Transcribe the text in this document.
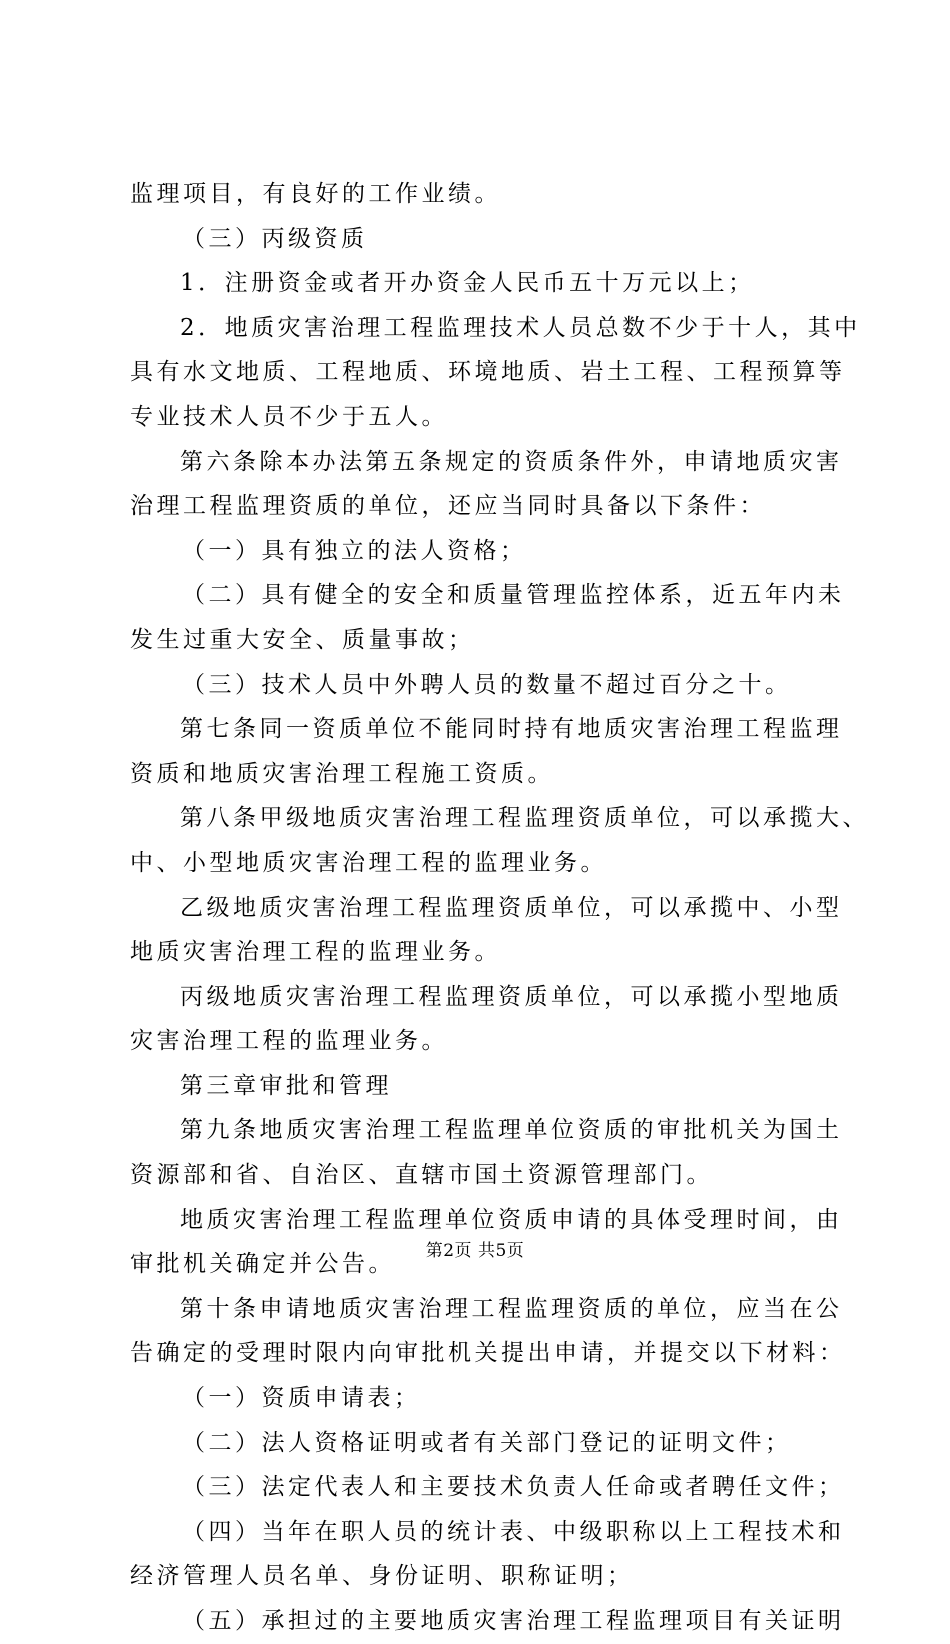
监理项目，有良好的工作业绩。
（三）丙级资质
1．注册资金或者开办资金人民币五十万元以上；
2．地质灾害治理工程监理技术人员总数不少于十人，其中
具有水文地质、工程地质、环境地质、岩土工程、工程预算等
专业技术人员不少于五人。
第六条除本办法第五条规定的资质条件外，申请地质灾害
治理工程监理资质的单位，还应当同时具备以下条件：
（一）具有独立的法人资格；
（二）具有健全的安全和质量管理监控体系，近五年内未
发生过重大安全、质量事故；
（三）技术人员中外聘人员的数量不超过百分之十。
第七条同一资质单位不能同时持有地质灾害治理工程监理
资质和地质灾害治理工程施工资质。
第八条甲级地质灾害治理工程监理资质单位，可以承揽大、
中、小型地质灾害治理工程的监理业务。
乙级地质灾害治理工程监理资质单位，可以承揽中、小型
地质灾害治理工程的监理业务。
丙级地质灾害治理工程监理资质单位，可以承揽小型地质
灾害治理工程的监理业务。
第三章审批和管理
第九条地质灾害治理工程监理单位资质的审批机关为国土
资源部和省、自治区、直辖市国土资源管理部门。
地质灾害治理工程监理单位资质申请的具体受理时间，由
审批机关确定并公告。
第十条申请地质灾害治理工程监理资质的单位，应当在公
告确定的受理时限内向审批机关提出申请，并提交以下材料：
（一）资质申请表；
（二）法人资格证明或者有关部门登记的证明文件；
（三）法定代表人和主要技术负责人任命或者聘任文件；
（四）当年在职人员的统计表、中级职称以上工程技术和
经济管理人员名单、身份证明、职称证明；
（五）承担过的主要地质灾害治理工程监理项目有关证明
第2页 共5页
